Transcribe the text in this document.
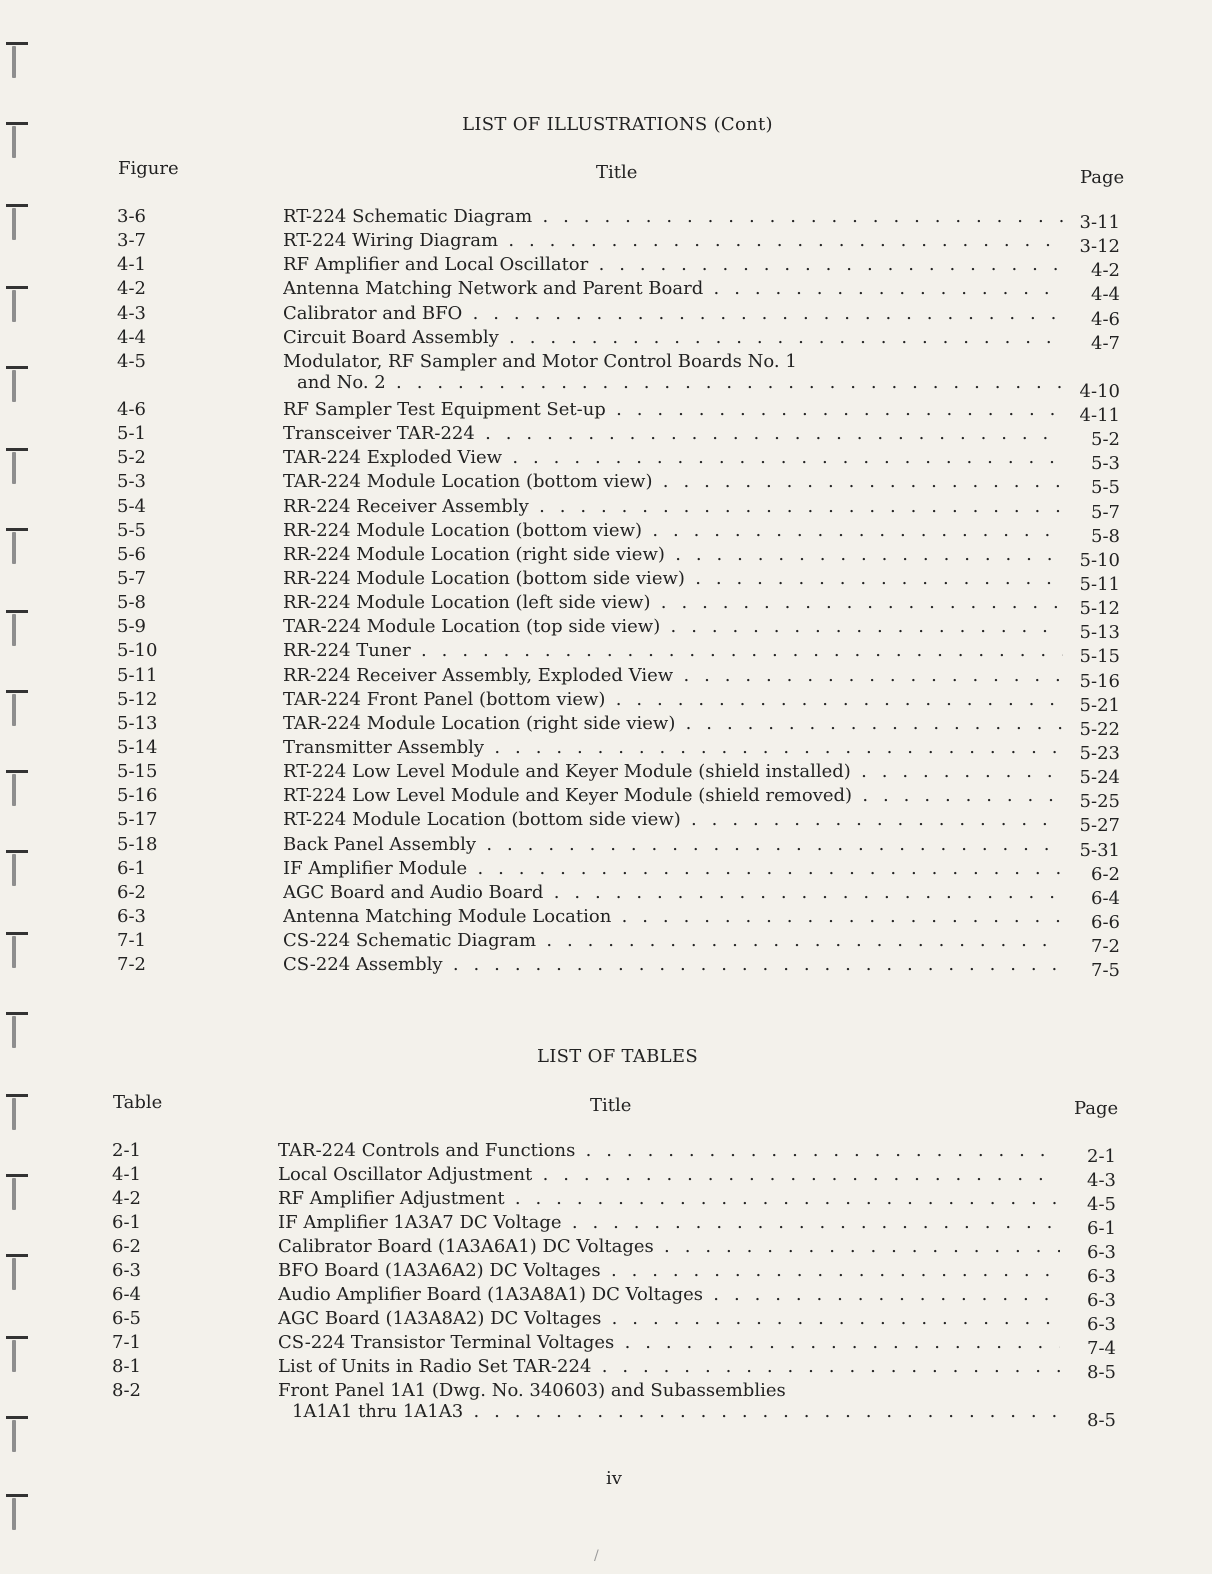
LIST OF ILLUSTRATIONS (Cont)
Figure	Title	Page
3-6	RT-224 Schematic Diagram . . .	3-11
3-7	RT-224 Wiring Diagram . . .	3-12
4-1	RF Amplifier and Local Oscillator . . .	4-2
4-2	Antenna Matching Network and Parent Board . . .	4-4
4-3	Calibrator and BFO . . .	4-6
4-4	Circuit Board Assembly . . .	4-7
4-5	Modulator, RF Sampler and Motor Control Boards No. 1
and No. 2 . . .	4-10
4-6	RF Sampler Test Equipment Set-up . . .	4-11
5-1	Transceiver TAR-224 . . .	5-2
5-2	TAR-224 Exploded View . . .	5-3
5-3	TAR-224 Module Location (bottom view) . . .	5-5
5-4	RR-224 Receiver Assembly . . .	5-7
5-5	RR-224 Module Location (bottom view) . . .	5-8
5-6	RR-224 Module Location (right side view) . . .	5-10
5-7	RR-224 Module Location (bottom side view) . . .	5-11
5-8	RR-224 Module Location (left side view) . . .	5-12
5-9	TAR-224 Module Location (top side view) . . .	5-13
5-10	RR-224 Tuner . . .	5-15
5-11	RR-224 Receiver Assembly, Exploded View . . .	5-16
5-12	TAR-224 Front Panel (bottom view) . . .	5-21
5-13	TAR-224 Module Location (right side view) . . .	5-22
5-14	Transmitter Assembly . . .	5-23
5-15	RT-224 Low Level Module and Keyer Module (shield installed) . . .	5-24
5-16	RT-224 Low Level Module and Keyer Module (shield removed) . . .	5-25
5-17	RT-224 Module Location (bottom side view) . . .	5-27
5-18	Back Panel Assembly . . .	5-31
6-1	IF Amplifier Module . . .	6-2
6-2	AGC Board and Audio Board . . .	6-4
6-3	Antenna Matching Module Location . . .	6-6
7-1	CS-224 Schematic Diagram . . .	7-2
7-2	CS-224 Assembly . . .	7-5
LIST OF TABLES
Table	Title	Page
2-1	TAR-224 Controls and Functions . . .	2-1
4-1	Local Oscillator Adjustment . . .	4-3
4-2	RF Amplifier Adjustment . . .	4-5
6-1	IF Amplifier 1A3A7 DC Voltage . . .	6-1
6-2	Calibrator Board (1A3A6A1) DC Voltages . . .	6-3
6-3	BFO Board (1A3A6A2) DC Voltages . . .	6-3
6-4	Audio Amplifier Board (1A3A8A1) DC Voltages . . .	6-3
6-5	AGC Board (1A3A8A2) DC Voltages . . .	6-3
7-1	CS-224 Transistor Terminal Voltages . . .	7-4
8-1	List of Units in Radio Set TAR-224 . . .	8-5
8-2	Front Panel 1A1 (Dwg. No. 340603) and Subassemblies
1A1A1 thru 1A1A3 . . .	8-5
iv
/
